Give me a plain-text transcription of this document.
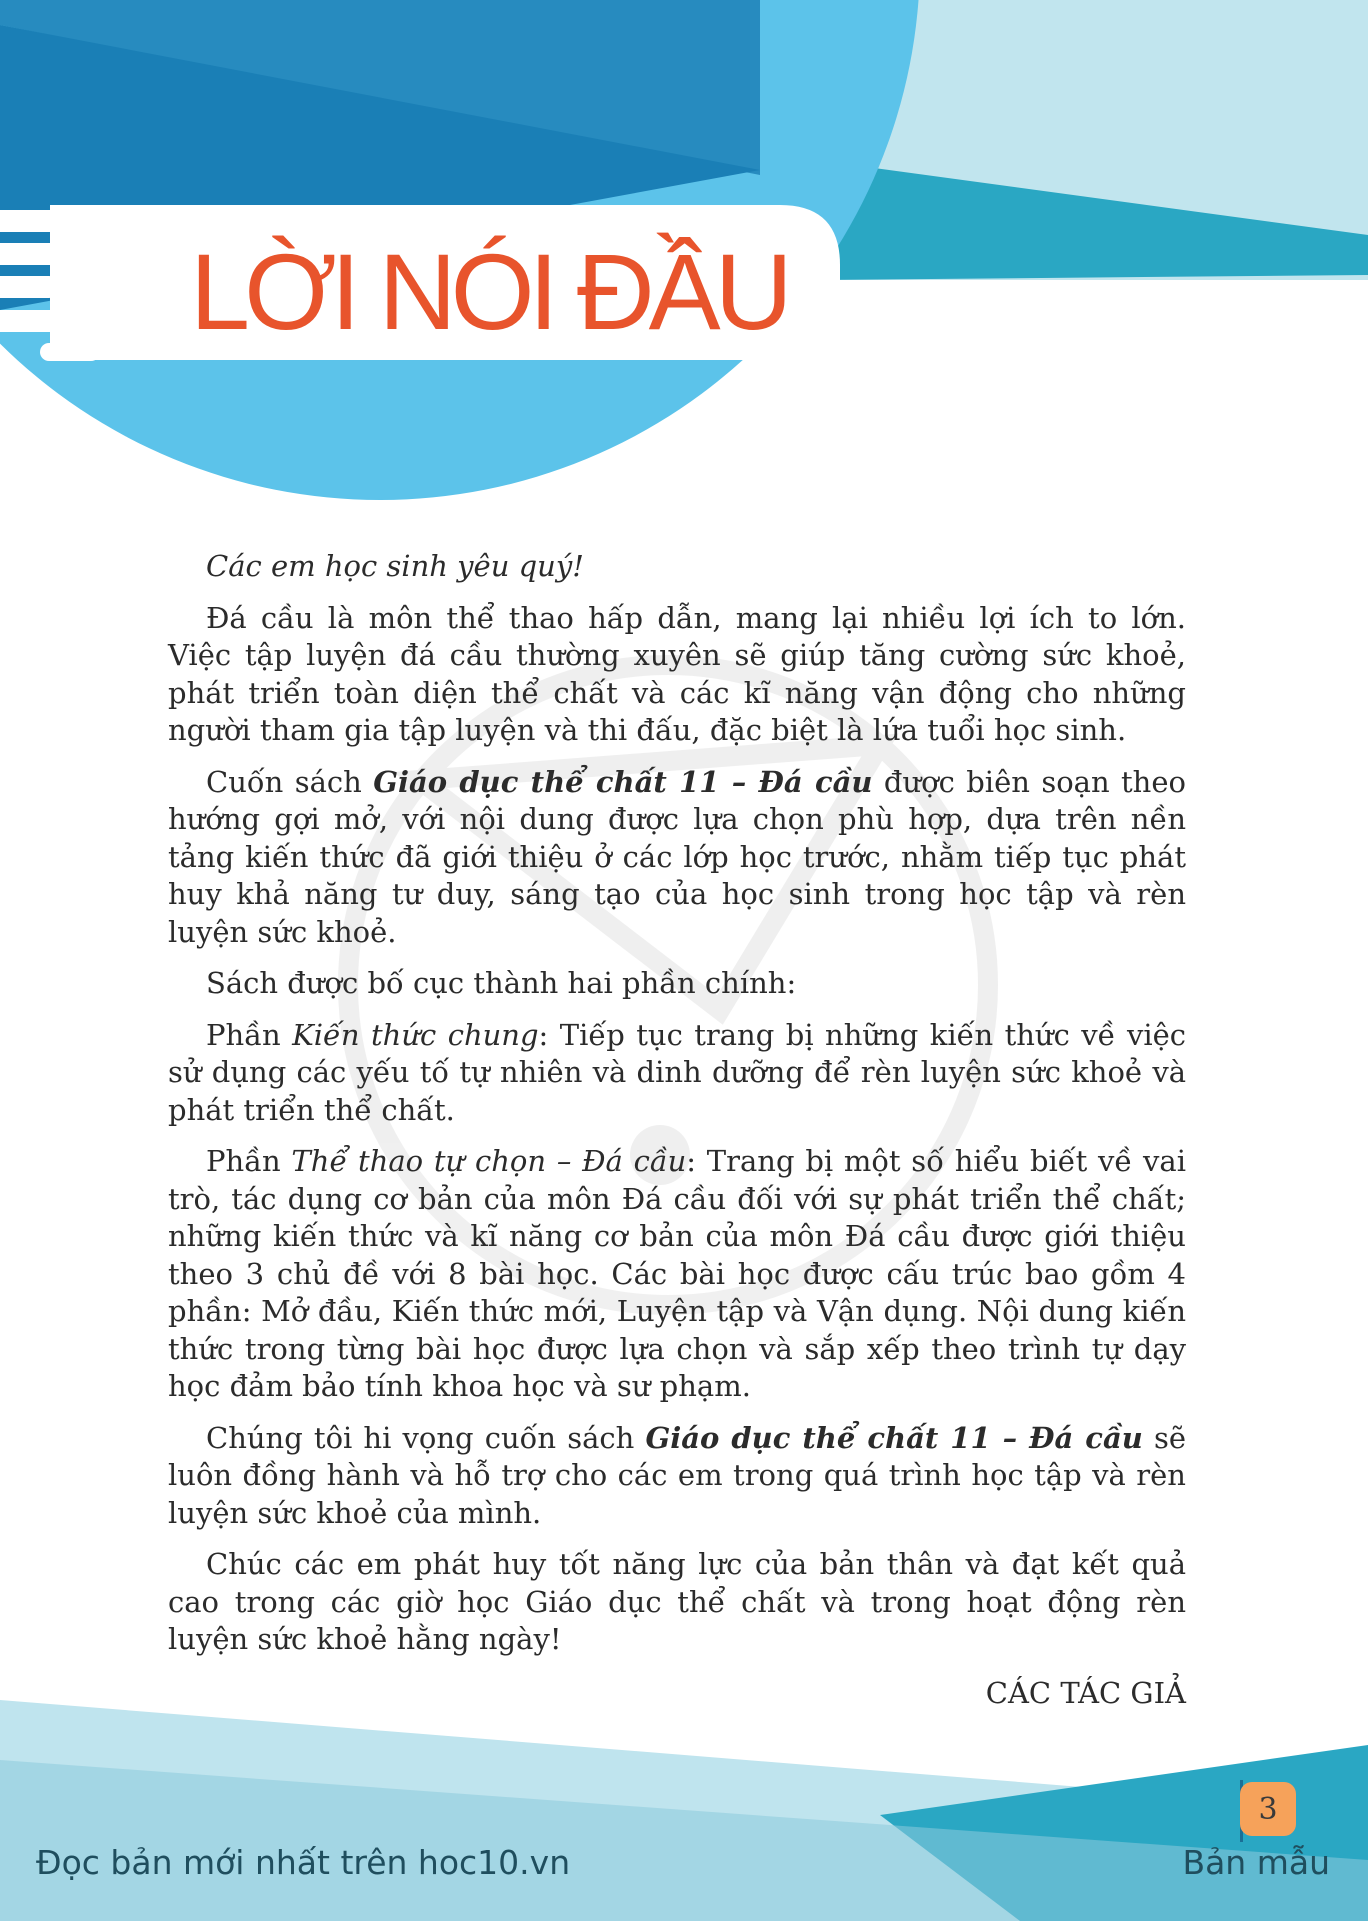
LỜI NÓI ĐẦU

Các em học sinh yêu quý!

Đá cầu là môn thể thao hấp dẫn, mang lại nhiều lợi ích to lớn. Việc tập luyện đá cầu thường xuyên sẽ giúp tăng cường sức khoẻ, phát triển toàn diện thể chất và các kĩ năng vận động cho những người tham gia tập luyện và thi đấu, đặc biệt là lứa tuổi học sinh.

Cuốn sách Giáo dục thể chất 11 – Đá cầu được biên soạn theo hướng gợi mở, với nội dung được lựa chọn phù hợp, dựa trên nền tảng kiến thức đã giới thiệu ở các lớp học trước, nhằm tiếp tục phát huy khả năng tư duy, sáng tạo của học sinh trong học tập và rèn luyện sức khoẻ.

Sách được bố cục thành hai phần chính:

Phần Kiến thức chung: Tiếp tục trang bị những kiến thức về việc sử dụng các yếu tố tự nhiên và dinh dưỡng để rèn luyện sức khoẻ và phát triển thể chất.

Phần Thể thao tự chọn – Đá cầu: Trang bị một số hiểu biết về vai trò, tác dụng cơ bản của môn Đá cầu đối với sự phát triển thể chất; những kiến thức và kĩ năng cơ bản của môn Đá cầu được giới thiệu theo 3 chủ đề với 8 bài học. Các bài học được cấu trúc bao gồm 4 phần: Mở đầu, Kiến thức mới, Luyện tập và Vận dụng. Nội dung kiến thức trong từng bài học được lựa chọn và sắp xếp theo trình tự dạy học đảm bảo tính khoa học và sư phạm.

Chúng tôi hi vọng cuốn sách Giáo dục thể chất 11 – Đá cầu sẽ luôn đồng hành và hỗ trợ cho các em trong quá trình học tập và rèn luyện sức khoẻ của mình.

Chúc các em phát huy tốt năng lực của bản thân và đạt kết quả cao trong các giờ học Giáo dục thể chất và trong hoạt động rèn luyện sức khoẻ hằng ngày!

CÁC TÁC GIẢ
3
Đọc bản mới nhất trên hoc10.vn	Bản mẫu
